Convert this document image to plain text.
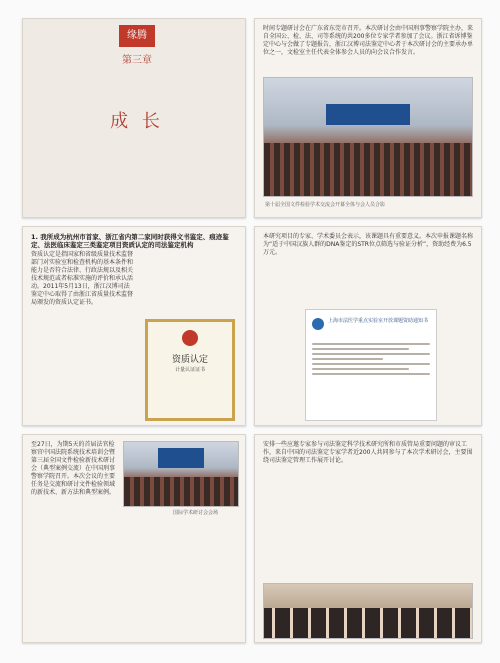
缘腾
第三章
成 长
时间专题研讨会在广东省东莞市召开。本次研讨会由中国刑事警察学院主办，来自全国公、检、法、司等系统的共200多位专家学者参加了会议。浙江省诉博鉴定中心与会做了专题报告，浙江汉博司法鉴定中心者于本次研讨会的主要承办单位之一，文检室主任代表全体参会人员的向会议合作发言。
第十届全国文件检验学术交流会开幕全体与会人员合影
1. 我所成为杭州市首家、浙江省内第二家同时获得文书鉴定、痕迹鉴定、法医临床鉴定三类鉴定项目资质认定的司法鉴定机构
资质认定是指国家和省级质量技术监督部门对实验室和检查机构的基本条件和能力是否符合法律、行政法规以及相关技术规范或者标准实施的评价和承认活动。2011年5月13日，浙江汉博司法鉴定中心取得了由浙江省质量技术监督局颁发的资质认定证书。
资质认定
计量认证证书
本研究项目的专家、学术委员会表示，该课题具有重要意义。本次申报课题名称为“适于中国汉族人群的DNA鉴定的STR位点筛选与验证分析”，资助经费为6.5万元。
上海市法医学重点实验室开放课题资助通知书
国际学术研讨会会场
至27日，为期5天的首届法官检察官中国法院系统技术培训会暨第三届全国文件检验新技术研讨会（典型案例交流）在中国刑事警察学院召开。本次会议的主要任务是交流和研讨文件检验领域的新技术、新方法和典型案例。
安排一些应邀专家参与司法鉴定科学技术研究所和市质管局重要问题的审议工作，来自中国的司法鉴定专家学者近200人共同参与了本次学术研讨会，主要围绕司法鉴定管理工作展开讨论。
